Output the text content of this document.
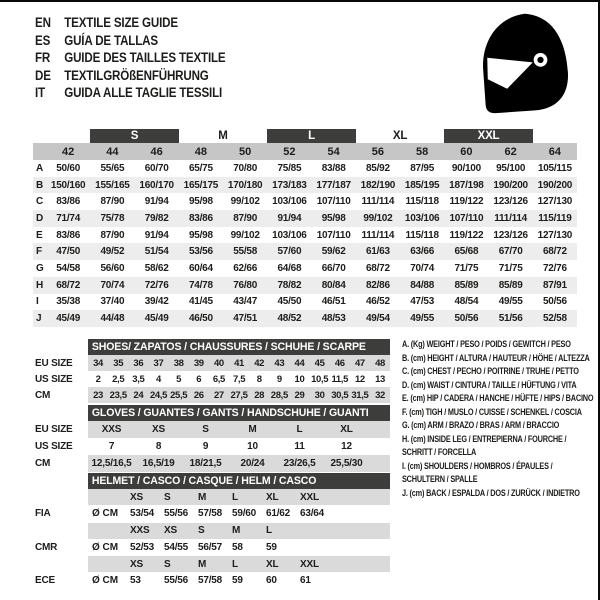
EN TEXTILE SIZE GUIDE
ES	GUÍA DE TALLAS
FR	GUIDE DES TAILLES TEXTILE
DE TEXTILGRÖßENFÜHRUNG
IT	GUIDA ALLE TAGLIE TESSILI
S	M	L	XL	XXL
42	44	46	48	50	52	54	56	58	60	62	64
A	50/60	55/65	60/70	65/75	70/80	75/85	83/88	85/92	87/95	90/100	95/100	105/115
B 150/160 155/165 160/170 165/175 170/180 173/183 177/187 182/190 185/195 187/198 190/200 190/200
C	83/86	87/90	91/94	95/98	99/102	103/106	107/110	111/114	115/118	119/122	123/126 127/130
D	71/74	75/78	79/82	83/86	87/90	91/94	95/98	99/102	103/106	107/110	111/114	115/119
E	83/86	87/90	91/94	95/98	99/102	103/106	107/110	111/114	115/118	119/122	123/126 127/130
F	47/50	49/52	51/54	53/56	55/58	57/60	59/62	61/63	63/66	65/68	67/70	68/72
G	54/58	56/60	58/62	60/64	62/66	64/68	66/70	68/72	70/74	71/75	71/75	72/76
H	68/72	70/74	72/76	74/78	76/80	78/82	80/84	82/86	84/88	85/89	85/89	87/91
I	35/38	37/40	39/42	41/45	43/47	45/50	46/51	46/52	47/53	48/54	49/55	50/56
J	45/49	44/48	45/49	46/50	47/51	48/52	48/53	49/54	49/55	50/56	51/56	52/58
SHOES/ ZAPATOS / CHAUSSURES / SCHUHE / SCARPE
EU SIZE	34	35	36	37	38	39	40	41	42	43	44	45	46	47	48
US SIZE	2	2,5 3,5	4	5	6	6,5 7,5	8	9	10 10,5 11,5 12	13
CM	23 23,5 24 24,5 25,5 26	27 27,5 28 28,5 29	30 30,5 31,5 32
GLOVES / GUANTES / GANTS / HANDSCHUHE / GUANTI
EU SIZE	XXS	XS	S	M	L	XL
US SIZE	7	8	9	10	11	12
CM	12,5/16,5	16,5/19	18/21,5	20/24	23/26,5	25,5/30
HELMET / CASCO / CASQUE / HELM / CASCO
XS	S	M	L	XL	XXL
FIA	Ø CM	53/54 55/56 57/58 59/60 61/62 63/64
XXS	XS	S	M	L
CMR	Ø CM	52/53 54/55 56/57 58	59
XS	S	M	L	XL	XXL
ECE	Ø CM	53	55/56 57/58 59	60	61
A. (Kg) WEIGHT / PESO / POIDS / GEWITCH / PESO
B. (cm) HEIGHT / ALTURA / HAUTEUR / HÖHE / ALTEZZA
C. (cm) CHEST / PECHO / POITRINE / TRUHE / PETTO
D. (cm) WAIST / CINTURA / TAILLE / HÜFTUNG / VITA
E. (cm) HIP / CADERA / HANCHE / HÜFTE / HIPS / BACINO
F. (cm) TIGH / MUSLO / CUISSE / SCHENKEL / COSCIA
G. (cm) ARM / BRAZO / BRAS / ARM / BRACCIO
H. (cm) INSIDE LEG / ENTREPIERNA / FOURCHE / SCHRITT / FORCELLA
I. (cm) SHOULDERS / HOMBROS / ÉPAULES / SCHULTERN / SPALLE
J. (cm) BACK / ESPALDA / DOS / ZURÜCK / INDIETRO
